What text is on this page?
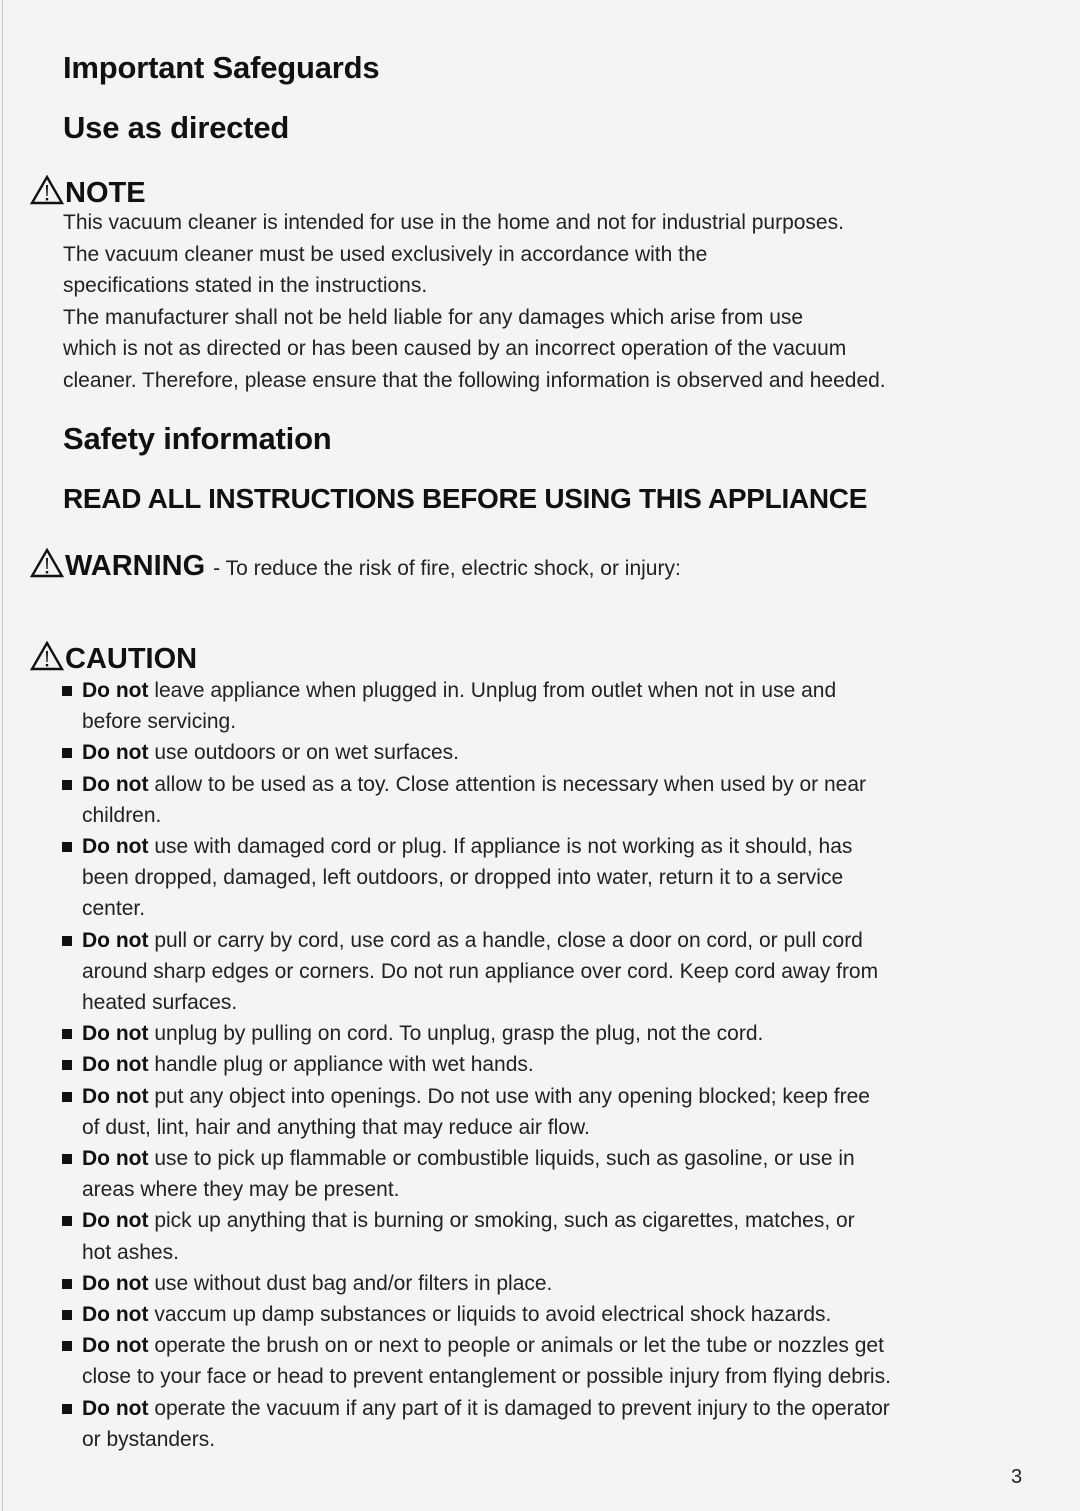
Important Safeguards
Use as directed
NOTE
This vacuum cleaner is intended for use in the home and not for industrial purposes.
The vacuum cleaner must be used exclusively in accordance with the
specifications stated in the instructions.
The manufacturer shall not be held liable for any damages which arise from use
which is not as directed or has been caused by an incorrect operation of the vacuum
cleaner. Therefore, please ensure that the following information is observed and heeded.
Safety information
READ ALL INSTRUCTIONS BEFORE USING THIS APPLIANCE
WARNING - To reduce the risk of fire, electric shock, or injury:
CAUTION
Do not leave appliance when plugged in. Unplug from outlet when not in use and
before servicing.
Do not use outdoors or on wet surfaces.
Do not allow to be used as a toy. Close attention is necessary when used by or near
children.
Do not use with damaged cord or plug. If appliance is not working as it should, has
been dropped, damaged, left outdoors, or dropped into water, return it to a service
center.
Do not pull or carry by cord, use cord as a handle, close a door on cord, or pull cord
around sharp edges or corners. Do not run appliance over cord. Keep cord away from
heated surfaces.
Do not unplug by pulling on cord. To unplug, grasp the plug, not the cord.
Do not handle plug or appliance with wet hands.
Do not put any object into openings. Do not use with any opening blocked; keep free
of dust, lint, hair and anything that may reduce air flow.
Do not use to pick up flammable or combustible liquids, such as gasoline, or use in
areas where they may be present.
Do not pick up anything that is burning or smoking, such as cigarettes, matches, or
hot ashes.
Do not use without dust bag and/or filters in place.
Do not vaccum up damp substances or liquids to avoid electrical shock hazards.
Do not operate the brush on or next to people or animals or let the tube or nozzles get
close to your face or head to prevent entanglement or possible injury from flying debris.
Do not operate the vacuum if any part of it is damaged to prevent injury to the operator
or bystanders.
3
